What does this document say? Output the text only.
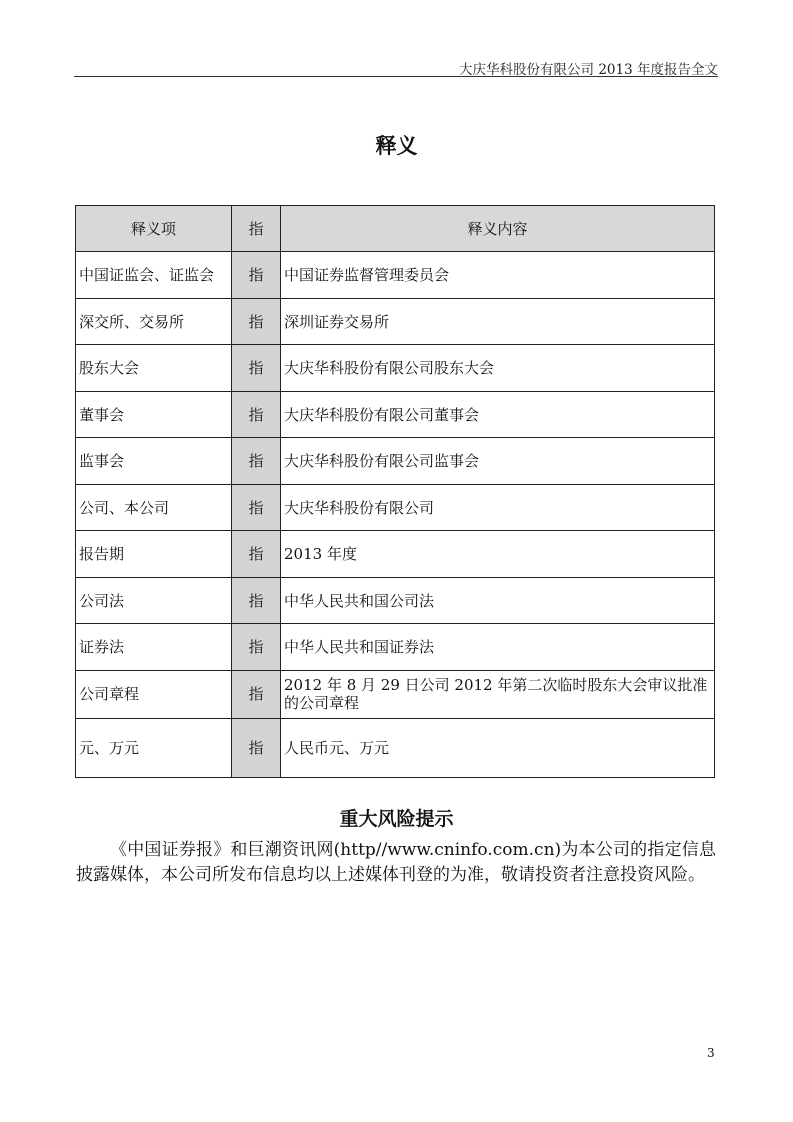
大庆华科股份有限公司 2013 年度报告全文
释义
释义项	指	释义内容
中国证监会、证监会	指	中国证券监督管理委员会
深交所、交易所	指	深圳证券交易所
股东大会	指	大庆华科股份有限公司股东大会
董事会	指	大庆华科股份有限公司董事会
监事会	指	大庆华科股份有限公司监事会
公司、本公司	指	大庆华科股份有限公司
报告期	指	2013 年度
公司法	指	中华人民共和国公司法
证券法	指	中华人民共和国证券法
公司章程	指	2012 年 8 月 29 日公司 2012 年第二次临时股东大会审议批准的公司章程
元、万元	指	人民币元、万元
重大风险提示
《中国证券报》和巨潮资讯网(http//www.cninfo.com.cn)为本公司的指定信息披露媒体，本公司所发布信息均以上述媒体刊登的为准，敬请投资者注意投资风险。
3
